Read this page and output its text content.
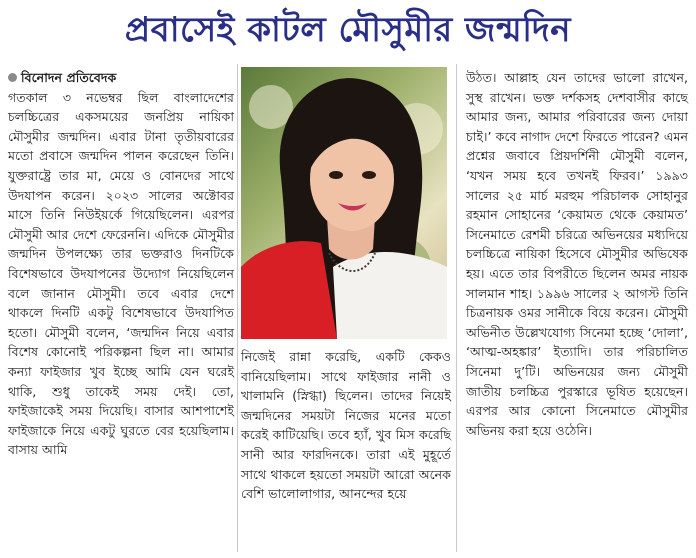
প্রবাসেই কাটল মৌসুমীর জন্মদিন
বিনোদন প্রতিবেদক

গতকাল ৩ নভেম্বর ছিল বাংলাদেশের চলচ্চিত্রের একসময়ের জনপ্রিয় নায়িকা মৌসুমীর জন্মদিন। এবার টানা তৃতীয়বারের মতো প্রবাসে জন্মদিন পালন করেছেন তিনি। যুক্তরাষ্ট্রে তার মা, মেয়ে ও বোনদের সাথে উদযাপন করেন। ২০২৩ সালের অক্টোবর মাসে তিনি নিউইয়র্কে গিয়েছিলেন। এরপর মৌসুমী আর দেশে ফেরেননি। এদিকে মৌসুমীর জন্মদিন উপলক্ষ্যে তার ভক্তরাও দিনটিকে বিশেষভাবে উদযাপনের উদ্যোগ নিয়েছিলেন বলে জানান মৌসুমী। তবে এবার দেশে থাকলে দিনটি একটু বিশেষভাবে উদযাপিত হতো। মৌসুমী বলেন, ‘জন্মদিন নিয়ে এবার বিশেষ কোনোই পরিকল্পনা ছিল না। আমার কন্যা ফাইজার খুব ইচ্ছে আমি যেন ঘরেই থাকি, শুধু তাকেই সময় দেই। তো, ফাইজাকেই সময় দিয়েছি। বাসার আশপাশেই ফাইজাকে নিয়ে একটু ঘুরতে বের হয়েছিলাম। বাসায় আমি

নিজেই রান্না করেছি, একটি কেকও বানিয়েছিলাম। সাথে ফাইজার নানী ও খালামনি (স্নিগ্ধা) ছিলেন। তাদের নিয়েই জন্মদিনের সময়টা নিজের মনের মতো করেই কাটিয়েছি। তবে হ্যাঁ, খুব মিস করেছি সানী আর ফারদিনকে। তারা এই মুহূর্তে সাথে থাকলে হয়তো সময়টা আরো অনেক বেশি ভালোলাগার, আনন্দের হয়ে

উঠত। আল্লাহ যেন তাদের ভালো রাখেন, সুস্থ রাখেন। ভক্ত দর্শকসহ দেশবাসীর কাছে আমার জন্য, আমার পরিবারের জন্য দোয়া চাই।’ কবে নাগাদ দেশে ফিরতে পারেন? এমন প্রশ্নের জবাবে প্রিয়দর্শিনী মৌসুমী বলেন, ‘যখন সময় হবে তখনই ফিরব।’ ১৯৯৩ সালের ২৫ মার্চ মরহুম পরিচালক সোহানুর রহমান সোহানের ‘কেয়ামত থেকে কেয়ামত’ সিনেমাতে রেশমী চরিত্রে অভিনয়ের মধ্যদিয়ে চলচ্চিত্রে নায়িকা হিসেবে মৌসুমীর অভিষেক হয়। এতে তার বিপরীতে ছিলেন অমর নায়ক সালমান শাহ। ১৯৯৬ সালের ২ আগস্ট তিনি চিত্রনায়ক ওমর সানীকে বিয়ে করেন। মৌসুমী অভিনীত উল্লেখযোগ্য সিনেমা হচ্ছে ‘দোলা’, ‘আত্ম-অহঙ্কার’ ইত্যাদি। তার পরিচালিত সিনেমা দু’টি। অভিনয়ের জন্য মৌসুমী জাতীয় চলচ্চিত্র পুরস্কারে ভূষিত হয়েছেন। এরপর আর কোনো সিনেমাতে মৌসুমীর অভিনয় করা হয়ে ওঠেনি।
